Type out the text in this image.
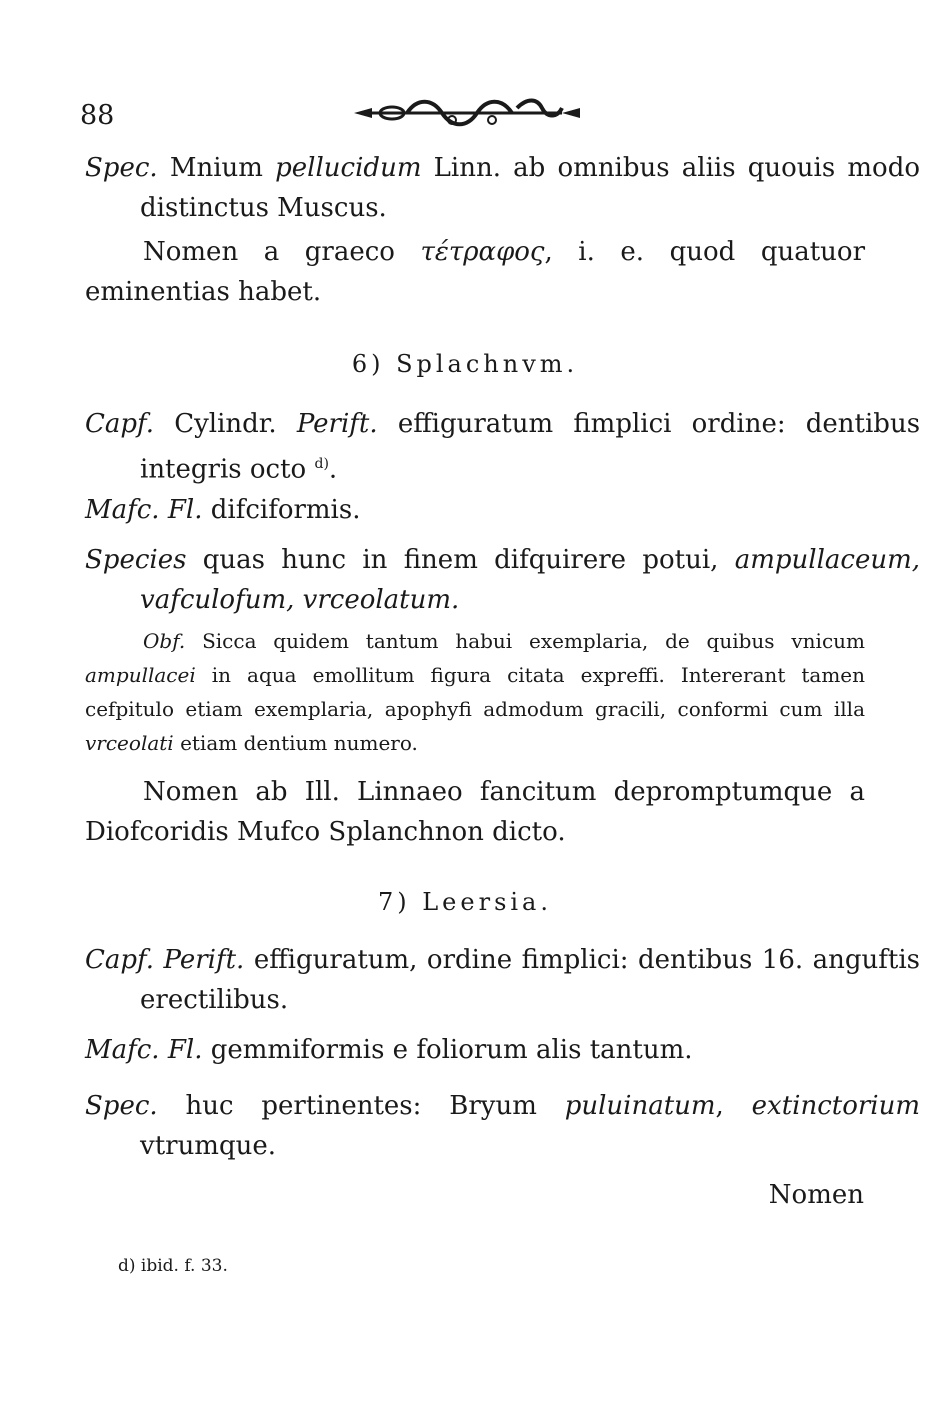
88
Spec. Mnium pellucidum Linn. ab omnibus aliis quouis modo distinctus Muscus.
Nomen a graeco τέτραφος, i. e. quod quatuor eminentias habet.
6) Splachnvm.
Capf. Cylindr. Perift. effiguratum fimplici ordine: dentibus integris octo $^{d)}$.
Mafc. Fl. difciformis.
Species quas hunc in finem difquirere potui, ampullaceum, vafculofum, vrceolatum.
Obf. Sicca quidem tantum habui exemplaria, de quibus vnicum ampullacei in aqua emollitum figura citata expreffi. Intererant tamen cefpitulo etiam exemplaria, apophyfi admodum gracili, conformi cum illa vrceolati etiam dentium numero.
Nomen ab Ill. Linnaeo fancitum depromptumque a Diofcoridis Mufco Splanchnon dicto.
7) Leersia.
Capf. Perift. effiguratum, ordine fimplici: dentibus 16. anguftis erectilibus.
Mafc. Fl. gemmiformis e foliorum alis tantum.
Spec. huc pertinentes: Bryum puluinatum, extinctorium vtrumque.
Nomen
d) ibid. f. 33.
